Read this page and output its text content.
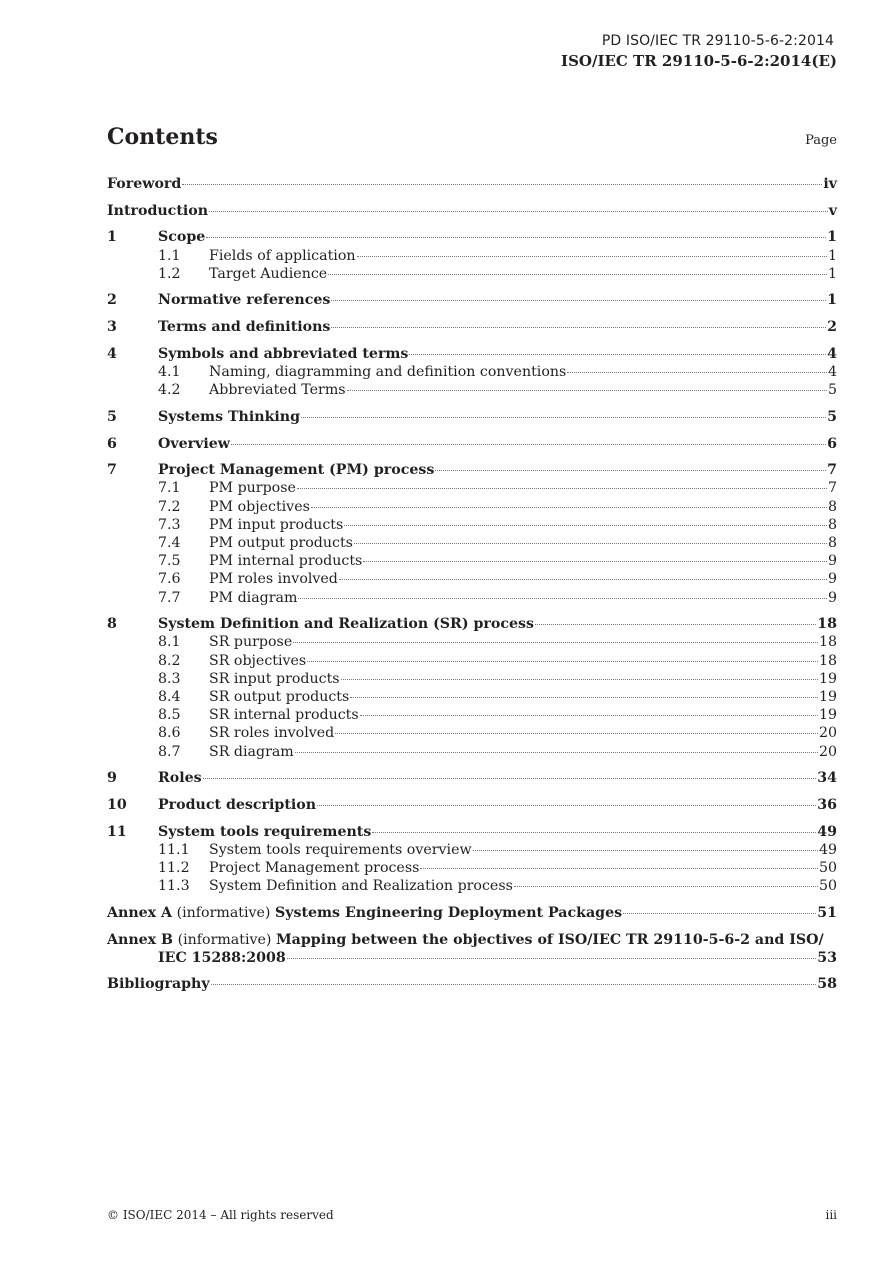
PD ISO/IEC TR 29110-5-6-2:2014
ISO/IEC TR 29110-5-6-2:2014(E)
Contents	Page
Foreword	iv
Introduction	v
1	Scope	1
1.1	Fields of application	1
1.2	Target Audience	1
2	Normative references	1
3	Terms and definitions	2
4	Symbols and abbreviated terms	4
4.1	Naming, diagramming and definition conventions	4
4.2	Abbreviated Terms	5
5	Systems Thinking	5
6	Overview	6
7	Project Management (PM) process	7
7.1	PM purpose	7
7.2	PM objectives	8
7.3	PM input products	8
7.4	PM output products	8
7.5	PM internal products	9
7.6	PM roles involved	9
7.7	PM diagram	9
8	System Definition and Realization (SR) process	18
8.1	SR purpose	18
8.2	SR objectives	18
8.3	SR input products	19
8.4	SR output products	19
8.5	SR internal products	19
8.6	SR roles involved	20
8.7	SR diagram	20
9	Roles	34
10	Product description	36
11	System tools requirements	49
11.1	System tools requirements overview	49
11.2	Project Management process	50
11.3	System Definition and Realization process	50
Annex A (informative) Systems Engineering Deployment Packages	51
Annex B (informative) Mapping between the objectives of ISO/IEC TR 29110-5-6-2 and ISO/
IEC 15288:2008	53
Bibliography	58
© ISO/IEC 2014 – All rights reserved	iii
